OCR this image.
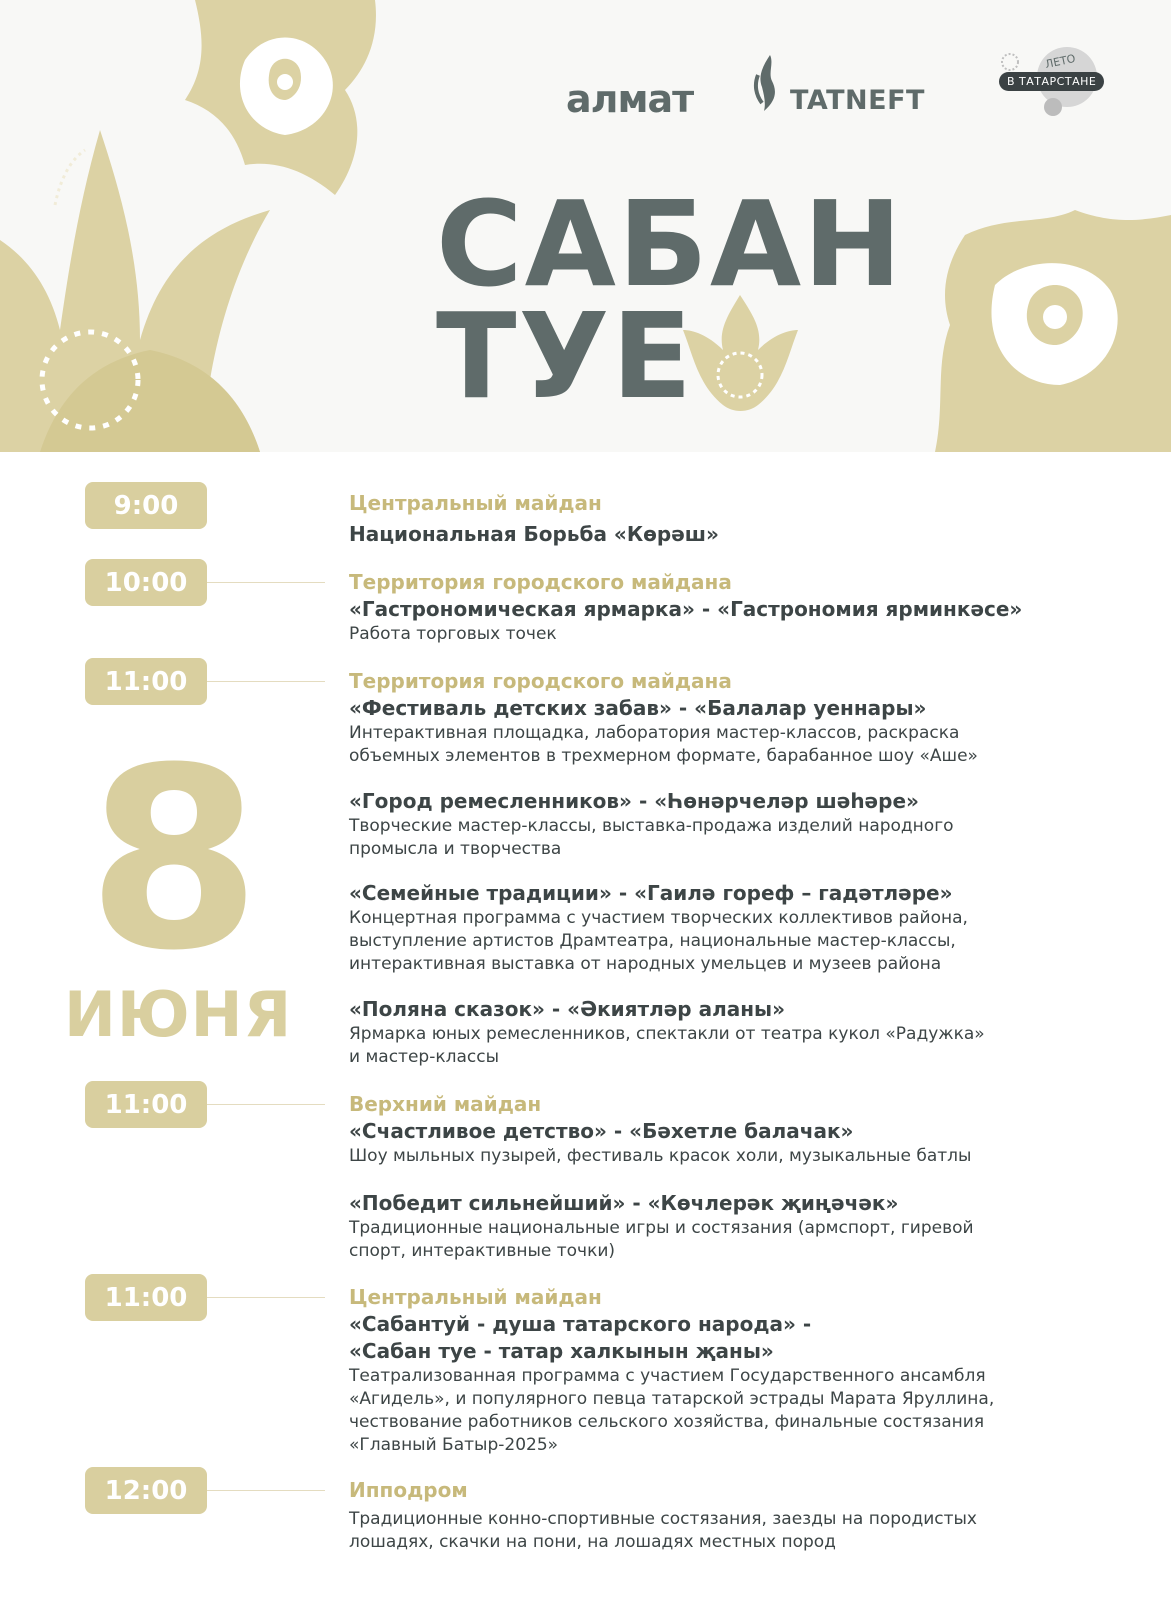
алмат	TATNEFT
ЛЕТО
В ТАТАРСТАНЕ
САБАН
ТУЕ
8
ИЮНЯ
9:00	Центральный майдан
Национальная Борьба «Көрәш»
10:00	Территория городского майдана
«Гастрономическая ярмарка» - «Гастрономия ярминкәсе»
Работа торговых точек
11:00	Территория городского майдана
«Фестиваль детских забав» - «Балалар уеннары»
Интерактивная площадка, лаборатория мастер-классов, раскраска
объемных элементов в трехмерном формате, барабанное шоу «Аше»
«Город ремесленников» - «Һөнәрчеләр шәһәре»
Творческие мастер-классы, выставка-продажа изделий народного
промысла и творчества
«Семейные традиции» - «Гаилә гореф – гадәтләре»
Концертная программа с участием творческих коллективов района,
выступление артистов Драмтеатра, национальные мастер-классы,
интерактивная выставка от народных умельцев и музеев района
«Поляна сказок» - «Әкиятләр аланы»
Ярмарка юных ремесленников, спектакли от театра кукол «Радужка»
и мастер-классы
11:00	Верхний майдан
«Счастливое детство» - «Бәхетле балачак»
Шоу мыльных пузырей, фестиваль красок холи, музыкальные батлы
«Победит сильнейший» - «Көчлерәк җиңәчәк»
Традиционные национальные игры и состязания (армспорт, гиревой
спорт, интерактивные точки)
11:00	Центральный майдан
«Сабантуй - душа татарского народа» -
«Сабан туе - татар халкынын җаны»
Театрализованная программа с участием Государственного ансамбля
«Агидель», и популярного певца татарской эстрады Марата Яруллина,
чествование работников сельского хозяйства, финальные состязания
«Главный Батыр-2025»
12:00	Ипподром
Традиционные конно-спортивные состязания, заезды на породистых
лошадях, скачки на пони, на лошадях местных пород
